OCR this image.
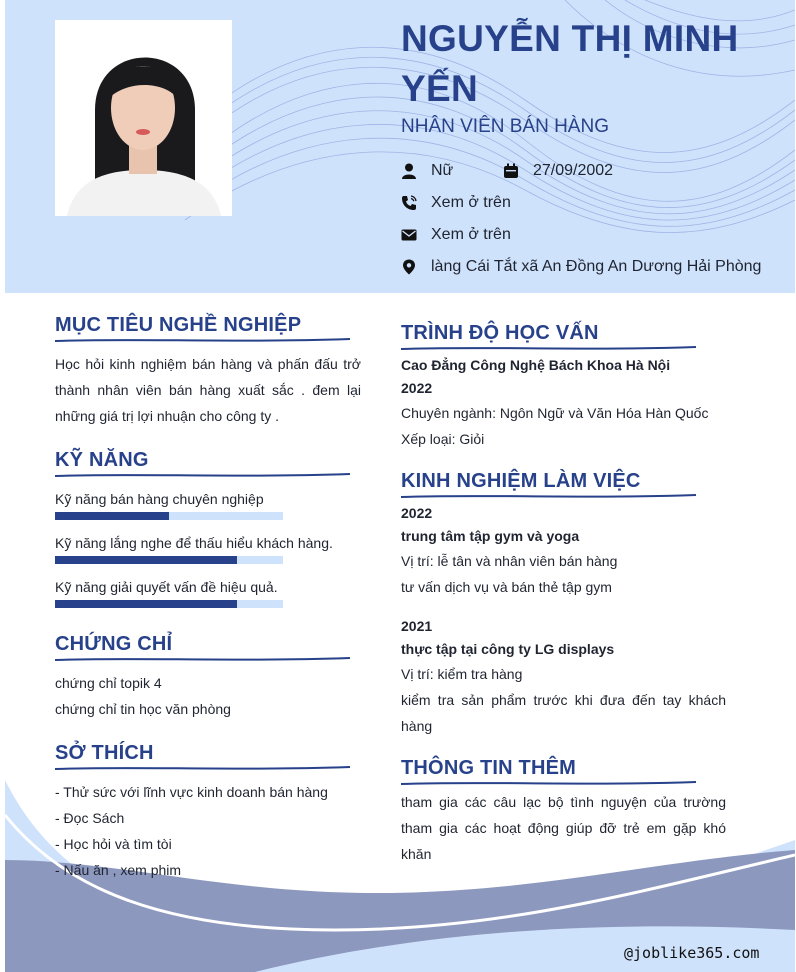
NGUYỄN THỊ MINH YẾN
NHÂN VIÊN BÁN HÀNG
Nữ	27/09/2002
Xem ở trên
Xem ở trên
làng Cái Tắt xã An Đồng An Dương Hải Phòng
MỤC TIÊU NGHỀ NGHIỆP

Học hỏi kinh nghiệm bán hàng và phấn đấu trở thành nhân viên bán hàng xuất sắc . đem lại những giá trị lợi nhuận cho công ty .

KỸ NĂNG
Kỹ năng bán hàng chuyên nghiệp
Kỹ năng lắng nghe để thấu hiểu khách hàng.
Kỹ năng giải quyết vấn đề hiệu quả.
CHỨNG CHỈ
chứng chỉ topik 4
chứng chỉ tin học văn phòng
SỞ THÍCH
- Thử sức với lĩnh vực kinh doanh bán hàng
- Đọc Sách
- Học hỏi và tìm tòi
- Nấu ăn , xem phim
TRÌNH ĐỘ HỌC VẤN
Cao Đẳng Công Nghệ Bách Khoa Hà Nội
2022
Chuyên ngành: Ngôn Ngữ và Văn Hóa Hàn Quốc
Xếp loại: Giỏi
KINH NGHIỆM LÀM VIỆC
2022
trung tâm tập gym và yoga
Vị trí: lễ tân và nhân viên bán hàng
tư vấn dịch vụ và bán thẻ tập gym
2021
thực tập tại công ty LG displays
Vị trí: kiểm tra hàng

kiểm tra sản phẩm trước khi đưa đến tay khách hàng

THÔNG TIN THÊM

tham gia các câu lạc bộ tình nguyện của trường tham gia các hoạt động giúp đỡ trẻ em gặp khó khăn

@joblike365.com
